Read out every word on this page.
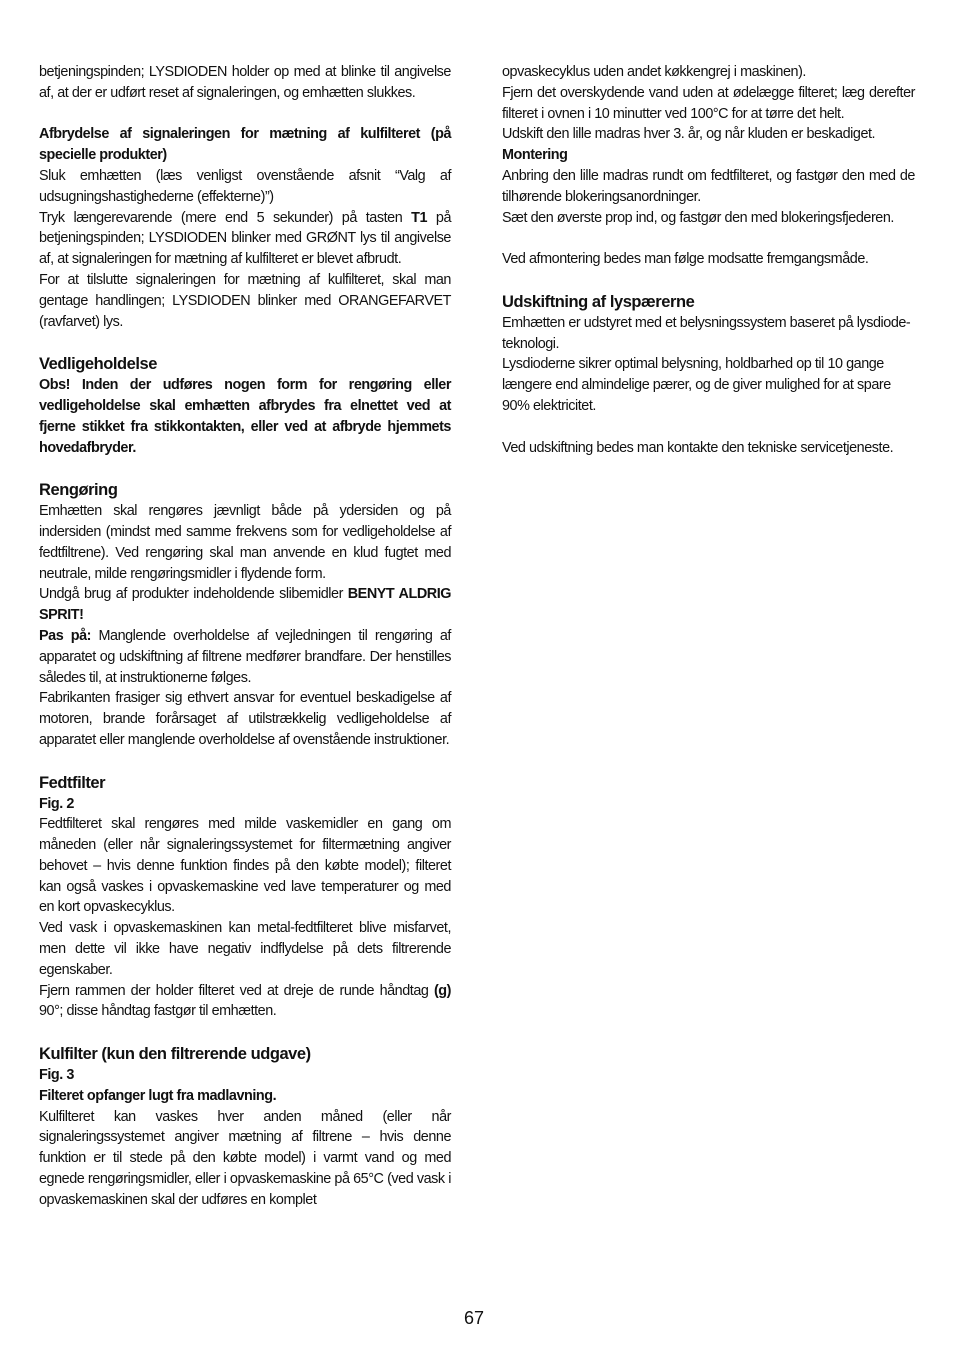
betjeningspinden; LYSDIODEN holder op med at blinke til angivelse af, at der er udført reset af signaleringen, og emhætten slukkes.

Afbrydelse af signaleringen for mætning af kulfilteret (på specielle produkter)

Sluk emhætten (læs venligst ovenstående afsnit “Valg af udsugningshastighederne (effekterne)”)

Tryk længerevarende (mere end 5 sekunder) på tasten T1 på betjeningspinden; LYSDIODEN blinker med GRØNT lys til angivelse af, at signaleringen for mætning af kulfilteret er blevet afbrudt.

For at tilslutte signaleringen for mætning af kulfilteret, skal man gentage handlingen; LYSDIODEN blinker med ORANGEFARVET (ravfarvet) lys.

Vedligeholdelse

Obs! Inden der udføres nogen form for rengøring eller vedligeholdelse skal emhætten afbrydes fra elnettet ved at fjerne stikket fra stikkontakten, eller ved at afbryde hjemmets hovedafbryder.

Rengøring

Emhætten skal rengøres jævnligt både på ydersiden og på indersiden (mindst med samme frekvens som for vedligeholdelse af fedtfiltrene). Ved rengøring skal man anvende en klud fugtet med neutrale, milde rengøringsmidler i flydende form.

Undgå brug af produkter indeholdende slibemidler BENYT ALDRIG SPRIT!

Pas på: Manglende overholdelse af vejledningen til rengøring af apparatet og udskiftning af filtrene medfører brandfare. Der henstilles således til, at instruktionerne følges.

Fabrikanten frasiger sig ethvert ansvar for eventuel beskadigelse af motoren, brande forårsaget af utilstrækkelig vedligeholdelse af apparatet eller manglende overholdelse af ovenstående instruktioner.

Fedtfilter

Fig. 2

Fedtfilteret skal rengøres med milde vaskemidler en gang om måneden (eller når signaleringssystemet for filtermætning angiver behovet – hvis denne funktion findes på den købte model); filteret kan også vaskes i opvaskemaskine ved lave temperaturer og med en kort opvaskecyklus.

Ved vask i opvaskemaskinen kan metal-fedtfilteret blive misfarvet, men dette vil ikke have negativ indflydelse på dets filtrerende egenskaber.

Fjern rammen der holder filteret ved at dreje de runde håndtag (g) 90°; disse håndtag fastgør til emhætten.

Kulfilter (kun den filtrerende udgave)

Fig. 3

Filteret opfanger lugt fra madlavning.

Kulfilteret kan vaskes hver anden måned (eller når signaleringssystemet angiver mætning af filtrene – hvis denne funktion er til stede på den købte model) i varmt vand og med egnede rengøringsmidler, eller i opvaskemaskine på 65°C (ved vask i opvaskemaskinen skal der udføres en komplet

opvaskecyklus uden andet køkkengrej i maskinen).

Fjern det overskydende vand uden at ødelægge filteret; læg derefter filteret i ovnen i 10 minutter ved 100°C for at tørre det helt.

Udskift den lille madras hver 3. år, og når kluden er beskadiget.

Montering

Anbring den lille madras rundt om fedtfilteret, og fastgør den med de tilhørende blokeringsanordninger.

Sæt den øverste prop ind, og fastgør den med blokeringsfjederen.

Ved afmontering bedes man følge modsatte fremgangsmåde.

Udskiftning af lyspærerne

Emhætten er udstyret med et belysningssystem baseret på lysdiode-teknologi.

Lysdioderne sikrer optimal belysning, holdbarhed op til 10 gange længere end almindelige pærer, og de giver mulighed for at spare 90% elektricitet.

Ved udskiftning bedes man kontakte den tekniske servicetjeneste.

67
